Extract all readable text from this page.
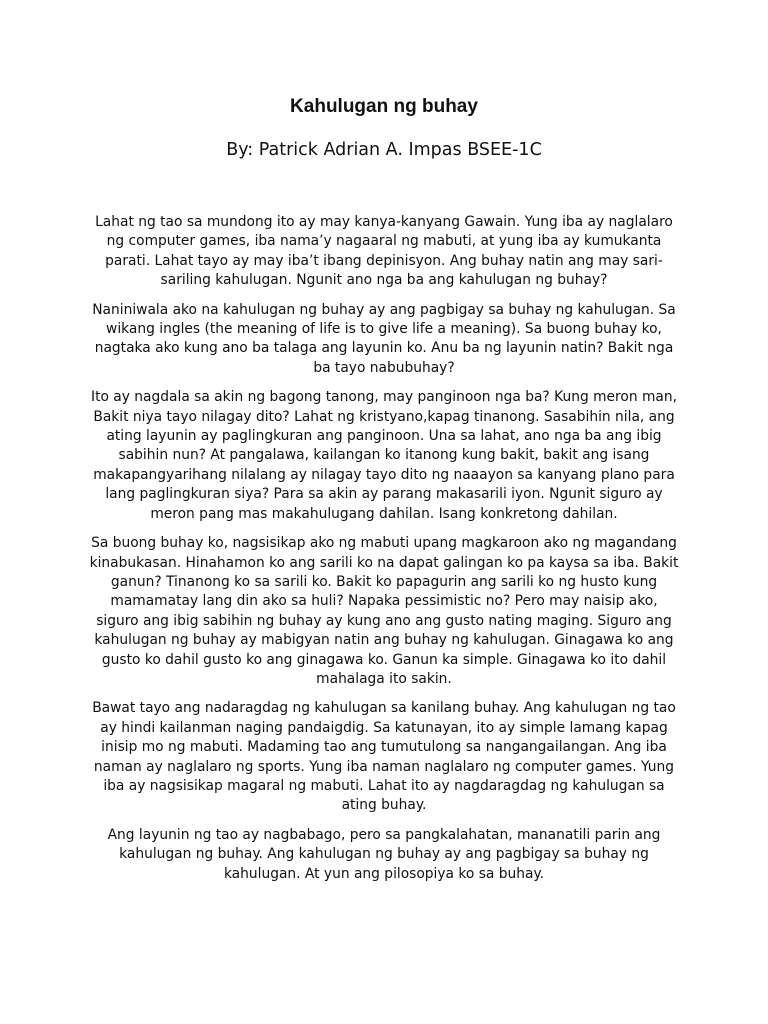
Kahulugan ng buhay
By: Patrick Adrian A. Impas BSEE-1C

Lahat ng tao sa mundong ito ay may kanya-kanyang Gawain. Yung iba ay naglalaro ng computer games, iba nama’y nagaaral ng mabuti, at yung iba ay kumukanta parati. Lahat tayo ay may iba’t ibang depinisyon. Ang buhay natin ang may sari-sariling kahulugan. Ngunit ano nga ba ang kahulugan ng buhay?

Naniniwala ako na kahulugan ng buhay ay ang pagbigay sa buhay ng kahulugan. Sa wikang ingles (the meaning of life is to give life a meaning). Sa buong buhay ko, nagtaka ako kung ano ba talaga ang layunin ko. Anu ba ng layunin natin? Bakit nga ba tayo nabubuhay?

Ito ay nagdala sa akin ng bagong tanong, may panginoon nga ba? Kung meron man, Bakit niya tayo nilagay dito? Lahat ng kristyano,kapag tinanong. Sasabihin nila, ang ating layunin ay paglingkuran ang panginoon. Una sa lahat, ano nga ba ang ibig sabihin nun? At pangalawa, kailangan ko itanong kung bakit, bakit ang isang makapangyarihang nilalang ay nilagay tayo dito ng naaayon sa kanyang plano para lang paglingkuran siya? Para sa akin ay parang makasarili iyon. Ngunit siguro ay meron pang mas makahulugang dahilan. Isang konkretong dahilan.

Sa buong buhay ko, nagsisikap ako ng mabuti upang magkaroon ako ng magandang kinabukasan. Hinahamon ko ang sarili ko na dapat galingan ko pa kaysa sa iba. Bakit ganun? Tinanong ko sa sarili ko. Bakit ko papagurin ang sarili ko ng husto kung mamamatay lang din ako sa huli? Napaka pessimistic no? Pero may naisip ako, siguro ang ibig sabihin ng buhay ay kung ano ang gusto nating maging. Siguro ang kahulugan ng buhay ay mabigyan natin ang buhay ng kahulugan. Ginagawa ko ang gusto ko dahil gusto ko ang ginagawa ko. Ganun ka simple. Ginagawa ko ito dahil mahalaga ito sakin.

Bawat tayo ang nadaragdag ng kahulugan sa kanilang buhay. Ang kahulugan ng tao ay hindi kailanman naging pandaigdig. Sa katunayan, ito ay simple lamang kapag inisip mo ng mabuti. Madaming tao ang tumutulong sa nangangailangan. Ang iba naman ay naglalaro ng sports. Yung iba naman naglalaro ng computer games. Yung iba ay nagsisikap magaral ng mabuti. Lahat ito ay nagdaragdag ng kahulugan sa ating buhay.

Ang layunin ng tao ay nagbabago, pero sa pangkalahatan, mananatili parin ang kahulugan ng buhay. Ang kahulugan ng buhay ay ang pagbigay sa buhay ng kahulugan. At yun ang pilosopiya ko sa buhay.
